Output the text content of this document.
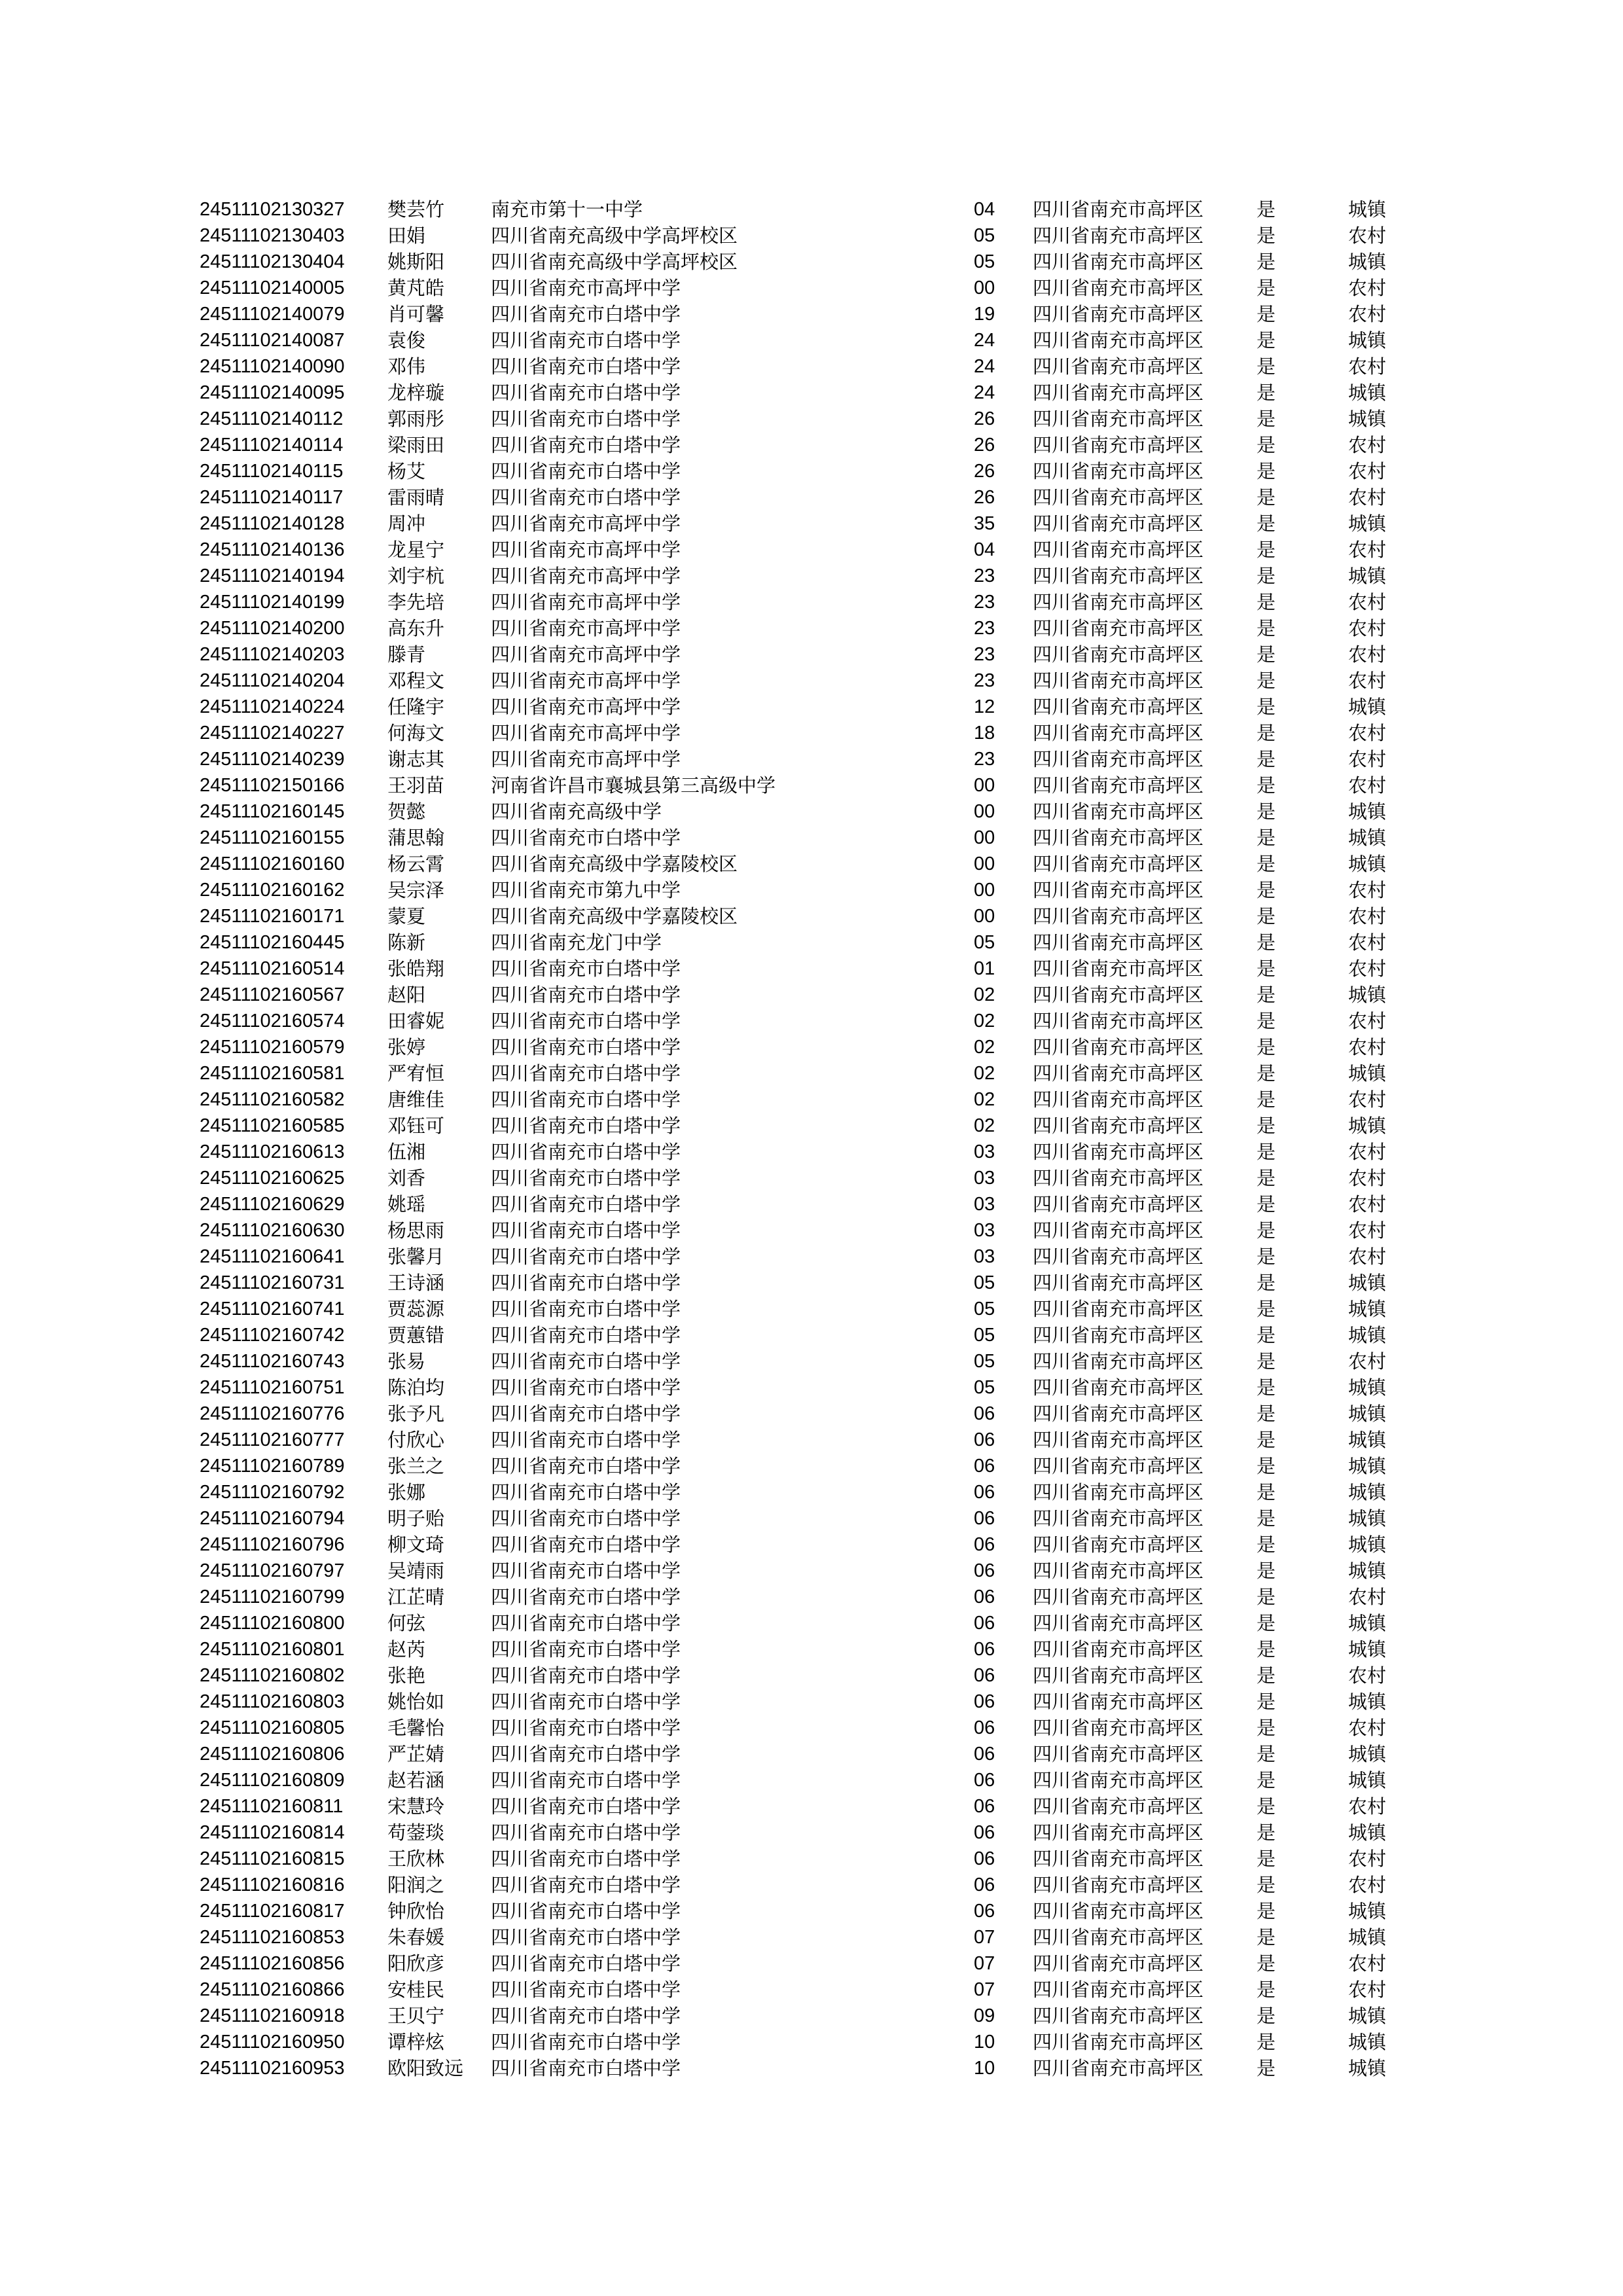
24511102130327 樊芸竹 南充市第十一中学	04 四川省南充市高坪区	是	城镇
24511102130403 田娟	四川省南充高级中学高坪校区	05 四川省南充市高坪区	是	农村
24511102130404 姚斯阳 四川省南充高级中学高坪校区	05 四川省南充市高坪区	是	城镇
24511102140005 黄芃皓 四川省南充市高坪中学	00 四川省南充市高坪区	是	农村
24511102140079 肖可馨 四川省南充市白塔中学	19 四川省南充市高坪区	是	农村
24511102140087 袁俊	四川省南充市白塔中学	24 四川省南充市高坪区	是	城镇
24511102140090 邓伟	四川省南充市白塔中学	24 四川省南充市高坪区	是	农村
24511102140095 龙梓璇 四川省南充市白塔中学	24 四川省南充市高坪区	是	城镇
24511102140112 郭雨彤 四川省南充市白塔中学	26 四川省南充市高坪区	是	城镇
24511102140114 梁雨田 四川省南充市白塔中学	26 四川省南充市高坪区	是	农村
24511102140115 杨艾	四川省南充市白塔中学	26 四川省南充市高坪区	是	农村
24511102140117 雷雨晴 四川省南充市白塔中学	26 四川省南充市高坪区	是	农村
24511102140128 周冲	四川省南充市高坪中学	35 四川省南充市高坪区	是	城镇
24511102140136 龙星宁 四川省南充市高坪中学	04 四川省南充市高坪区	是	农村
24511102140194 刘宇杭 四川省南充市高坪中学	23 四川省南充市高坪区	是	城镇
24511102140199 李先培 四川省南充市高坪中学	23 四川省南充市高坪区	是	农村
24511102140200 高东升 四川省南充市高坪中学	23 四川省南充市高坪区	是	农村
24511102140203 滕青	四川省南充市高坪中学	23 四川省南充市高坪区	是	农村
24511102140204 邓程文 四川省南充市高坪中学	23 四川省南充市高坪区	是	农村
24511102140224 任隆宇 四川省南充市高坪中学	12 四川省南充市高坪区	是	城镇
24511102140227 何海文 四川省南充市高坪中学	18 四川省南充市高坪区	是	农村
24511102140239 谢志其 四川省南充市高坪中学	23 四川省南充市高坪区	是	农村
24511102150166 王羽苗 河南省许昌市襄城县第三高级中学	00 四川省南充市高坪区	是	农村
24511102160145 贺懿	四川省南充高级中学	00 四川省南充市高坪区	是	城镇
24511102160155 蒲思翰 四川省南充市白塔中学	00 四川省南充市高坪区	是	城镇
24511102160160 杨云霄 四川省南充高级中学嘉陵校区	00 四川省南充市高坪区	是	城镇
24511102160162 吴宗泽 四川省南充市第九中学	00 四川省南充市高坪区	是	农村
24511102160171 蒙夏	四川省南充高级中学嘉陵校区	00 四川省南充市高坪区	是	农村
24511102160445 陈新	四川省南充龙门中学	05 四川省南充市高坪区	是	农村
24511102160514 张皓翔 四川省南充市白塔中学	01 四川省南充市高坪区	是	农村
24511102160567 赵阳	四川省南充市白塔中学	02 四川省南充市高坪区	是	城镇
24511102160574 田睿妮 四川省南充市白塔中学	02 四川省南充市高坪区	是	农村
24511102160579 张婷	四川省南充市白塔中学	02 四川省南充市高坪区	是	农村
24511102160581 严宥恒 四川省南充市白塔中学	02 四川省南充市高坪区	是	城镇
24511102160582 唐维佳 四川省南充市白塔中学	02 四川省南充市高坪区	是	农村
24511102160585 邓钰可 四川省南充市白塔中学	02 四川省南充市高坪区	是	城镇
24511102160613 伍湘	四川省南充市白塔中学	03 四川省南充市高坪区	是	农村
24511102160625 刘香	四川省南充市白塔中学	03 四川省南充市高坪区	是	农村
24511102160629 姚瑶	四川省南充市白塔中学	03 四川省南充市高坪区	是	农村
24511102160630 杨思雨 四川省南充市白塔中学	03 四川省南充市高坪区	是	农村
24511102160641 张馨月 四川省南充市白塔中学	03 四川省南充市高坪区	是	农村
24511102160731 王诗涵 四川省南充市白塔中学	05 四川省南充市高坪区	是	城镇
24511102160741 贾蕊源 四川省南充市白塔中学	05 四川省南充市高坪区	是	城镇
24511102160742 贾蕙错 四川省南充市白塔中学	05 四川省南充市高坪区	是	城镇
24511102160743 张易	四川省南充市白塔中学	05 四川省南充市高坪区	是	农村
24511102160751 陈泊均 四川省南充市白塔中学	05 四川省南充市高坪区	是	城镇
24511102160776 张予凡 四川省南充市白塔中学	06 四川省南充市高坪区	是	城镇
24511102160777 付欣心 四川省南充市白塔中学	06 四川省南充市高坪区	是	城镇
24511102160789 张兰之 四川省南充市白塔中学	06 四川省南充市高坪区	是	城镇
24511102160792 张娜	四川省南充市白塔中学	06 四川省南充市高坪区	是	城镇
24511102160794 明子贻 四川省南充市白塔中学	06 四川省南充市高坪区	是	城镇
24511102160796 柳文琦 四川省南充市白塔中学	06 四川省南充市高坪区	是	城镇
24511102160797 吴靖雨 四川省南充市白塔中学	06 四川省南充市高坪区	是	城镇
24511102160799 江芷晴 四川省南充市白塔中学	06 四川省南充市高坪区	是	农村
24511102160800 何弦	四川省南充市白塔中学	06 四川省南充市高坪区	是	城镇
24511102160801 赵芮	四川省南充市白塔中学	06 四川省南充市高坪区	是	城镇
24511102160802 张艳	四川省南充市白塔中学	06 四川省南充市高坪区	是	农村
24511102160803 姚怡如 四川省南充市白塔中学	06 四川省南充市高坪区	是	城镇
24511102160805 毛馨怡 四川省南充市白塔中学	06 四川省南充市高坪区	是	农村
24511102160806 严芷婧 四川省南充市白塔中学	06 四川省南充市高坪区	是	城镇
24511102160809 赵若涵 四川省南充市白塔中学	06 四川省南充市高坪区	是	城镇
24511102160811 宋慧玲 四川省南充市白塔中学	06 四川省南充市高坪区	是	农村
24511102160814 苟蓥琰 四川省南充市白塔中学	06 四川省南充市高坪区	是	城镇
24511102160815 王欣林 四川省南充市白塔中学	06 四川省南充市高坪区	是	农村
24511102160816 阳润之 四川省南充市白塔中学	06 四川省南充市高坪区	是	农村
24511102160817 钟欣怡 四川省南充市白塔中学	06 四川省南充市高坪区	是	城镇
24511102160853 朱春媛 四川省南充市白塔中学	07 四川省南充市高坪区	是	城镇
24511102160856 阳欣彦 四川省南充市白塔中学	07 四川省南充市高坪区	是	农村
24511102160866 安桂民 四川省南充市白塔中学	07 四川省南充市高坪区	是	农村
24511102160918 王贝宁 四川省南充市白塔中学	09 四川省南充市高坪区	是	城镇
24511102160950 谭梓炫 四川省南充市白塔中学	10 四川省南充市高坪区	是	城镇
24511102160953 欧阳致远 四川省南充市白塔中学	10 四川省南充市高坪区	是	城镇
